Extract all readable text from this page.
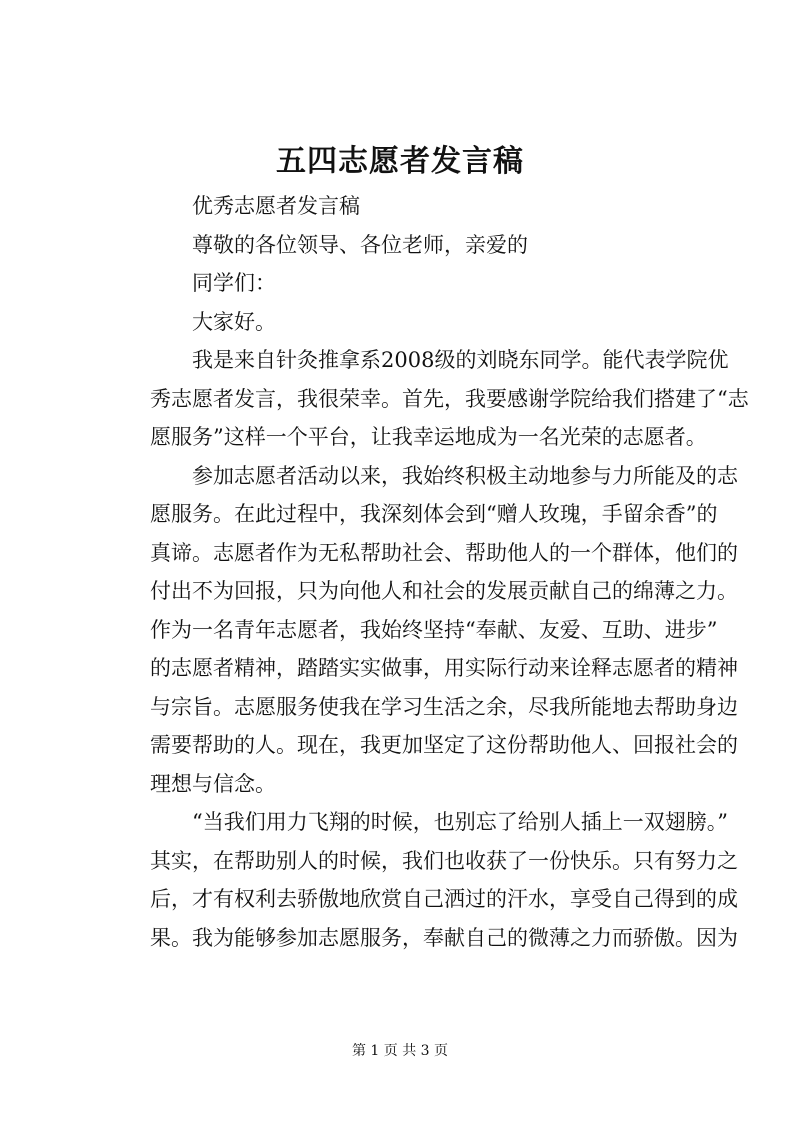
五四志愿者发言稿
优秀志愿者发言稿
尊敬的各位领导、各位老师，亲爱的
同学们：
大家好。
我是来自针灸推拿系2008级的刘晓东同学。能代表学院优
秀志愿者发言，我很荣幸。首先，我要感谢学院给我们搭建了“志
愿服务”这样一个平台，让我幸运地成为一名光荣的志愿者。
参加志愿者活动以来，我始终积极主动地参与力所能及的志
愿服务。在此过程中，我深刻体会到“赠人玫瑰，手留余香”的
真谛。志愿者作为无私帮助社会、帮助他人的一个群体，他们的
付出不为回报，只为向他人和社会的发展贡献自己的绵薄之力。
作为一名青年志愿者，我始终坚持“奉献、友爱、互助、进步”
的志愿者精神，踏踏实实做事，用实际行动来诠释志愿者的精神
与宗旨。志愿服务使我在学习生活之余，尽我所能地去帮助身边
需要帮助的人。现在，我更加坚定了这份帮助他人、回报社会的
理想与信念。
“当我们用力飞翔的时候，也别忘了给别人插上一双翅膀。”
其实，在帮助别人的时候，我们也收获了一份快乐。只有努力之
后，才有权利去骄傲地欣赏自己洒过的汗水，享受自己得到的成
果。我为能够参加志愿服务，奉献自己的微薄之力而骄傲。因为
第 1 页 共 3 页
